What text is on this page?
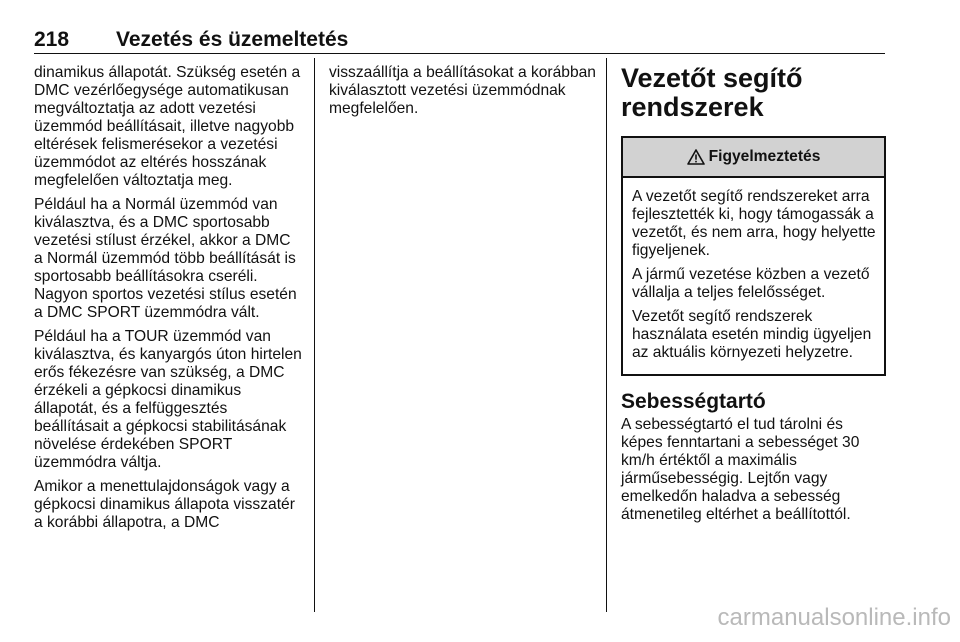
218 Vezetés és üzemeltetés

dinamikus állapotát. Szükség esetén a DMC vezérlőegysége automatikusan megváltoztatja az adott vezetési üzemmód beállításait, illetve nagyobb eltérések felismerésekor a vezetési üzemmódot az eltérés hosszának megfelelően változtatja meg.

Például ha a Normál üzemmód van kiválasztva, és a DMC sportosabb vezetési stílust érzékel, akkor a DMC a Normál üzemmód több beállítását is sportosabb beállításokra cseréli. Nagyon sportos vezetési stílus esetén a DMC SPORT üzemmódra vált.

Például ha a TOUR üzemmód van kiválasztva, és kanyargós úton hirtelen erős fékezésre van szükség, a DMC érzékeli a gépkocsi dinamikus állapotát, és a felfüggesztés beállításait a gépkocsi stabilitásának növelése érdekében SPORT üzemmódra váltja.

Amikor a menettulajdonságok vagy a gépkocsi dinamikus állapota visszatér a korábbi állapotra, a DMC

visszaállítja a beállításokat a korábban kiválasztott vezetési üzemmódnak megfelelően.

Vezetőt segítő rendszerek
Figyelmeztetés

A vezetőt segítő rendszereket arra fejlesztették ki, hogy támogassák a vezetőt, és nem arra, hogy helyette figyeljenek.

A jármű vezetése közben a vezető vállalja a teljes felelősséget.

Vezetőt segítő rendszerek használata esetén mindig ügyeljen az aktuális környezeti helyzetre.

Sebességtartó

A sebességtartó el tud tárolni és képes fenntartani a sebességet 30 km/h értéktől a maximális járműsebességig. Lejtőn vagy emelkedőn haladva a sebesség átmenetileg eltérhet a beállítottól.

carmanualsonline.info
